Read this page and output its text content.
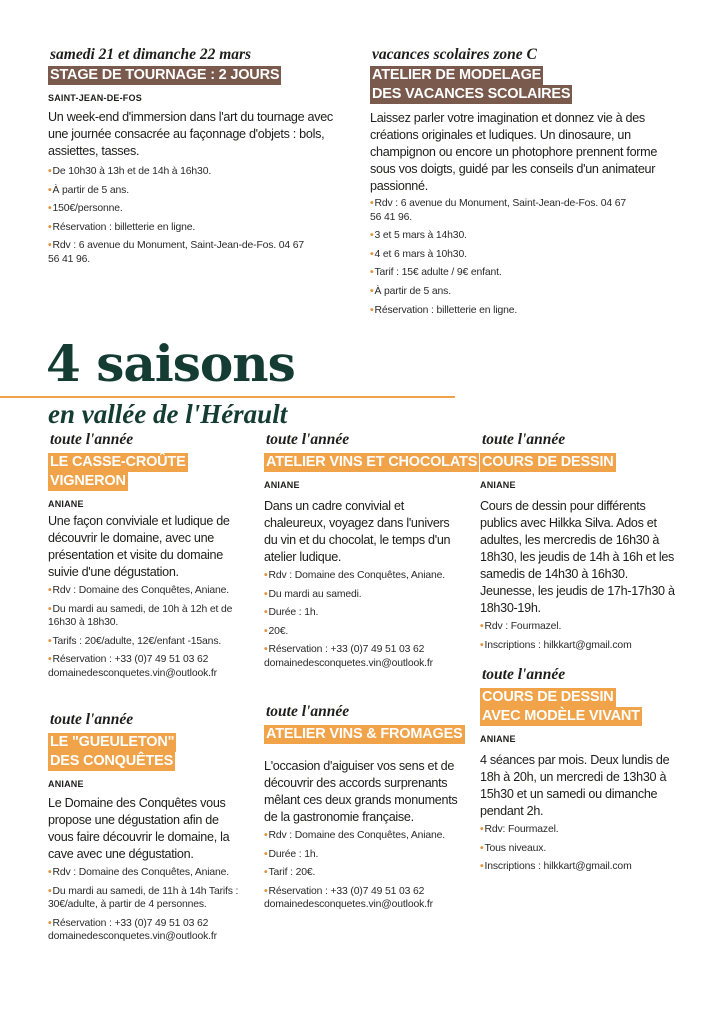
samedi 21 et dimanche 22 mars
STAGE DE TOURNAGE : 2 JOURS
SAINT-JEAN-DE-FOS
Un week-end d'immersion dans l'art du tournage avec une journée consacrée au façonnage d'objets : bols, assiettes, tasses.
•De 10h30 à 13h et de 14h à 16h30.
•À partir de 5 ans.
•150€/personne.
•Réservation : billetterie en ligne.
•Rdv : 6 avenue du Monument, Saint-Jean-de-Fos. 04 67 56 41 96.
vacances scolaires zone C
ATELIER DE MODELAGE
DES VACANCES SCOLAIRES
Laissez parler votre imagination et donnez vie à des créations originales et ludiques. Un dinosaure, un champignon ou encore un photophore prennent forme sous vos doigts, guidé par les conseils d'un animateur passionné.
•Rdv : 6 avenue du Monument, Saint-Jean-de-Fos. 04 67 56 41 96.
•3 et 5 mars à 14h30.
•4 et 6 mars à 10h30.
•Tarif : 15€ adulte / 9€ enfant.
•À partir de 5 ans.
•Réservation : billetterie en ligne.
4 saisons
en vallée de l'Hérault
toute l'année
LE CASSE-CROÛTE
VIGNERON
ANIANE
Une façon conviviale et ludique de découvrir le domaine, avec une présentation et visite du domaine suivie d'une dégustation.
•Rdv : Domaine des Conquêtes, Aniane.
•Du mardi au samedi, de 10h à 12h et de 16h30 à 18h30.
•Tarifs : 20€/adulte, 12€/enfant -15ans.
•Réservation : +33 (0)7 49 51 03 62 domainedesconquetes.vin@outlook.fr
toute l'année
LE "GUEULETON"
DES CONQUÊTES
ANIANE
Le Domaine des Conquêtes vous propose une dégustation afin de vous faire découvrir le domaine, la cave avec une dégustation.
•Rdv : Domaine des Conquêtes, Aniane.
•Du mardi au samedi, de 11h à 14h Tarifs : 30€/adulte, à partir de 4 personnes.
•Réservation : +33 (0)7 49 51 03 62 domainedesconquetes.vin@outlook.fr
toute l'année
ATELIER VINS ET CHOCOLATS
ANIANE
Dans un cadre convivial et chaleureux, voyagez dans l'univers du vin et du chocolat, le temps d'un atelier ludique.
•Rdv : Domaine des Conquêtes, Aniane.
•Du mardi au samedi.
•Durée : 1h.
•20€.
•Réservation : +33 (0)7 49 51 03 62 domainedesconquetes.vin@outlook.fr
toute l'année
ATELIER VINS & FROMAGES
L'occasion d'aiguiser vos sens et de découvrir des accords surprenants mêlant ces deux grands monuments de la gastronomie française.
•Rdv : Domaine des Conquêtes, Aniane.
•Durée : 1h.
•Tarif : 20€.
•Réservation : +33 (0)7 49 51 03 62 domainedesconquetes.vin@outlook.fr
toute l'année
COURS DE DESSIN
ANIANE
Cours de dessin pour différents publics avec Hilkka Silva. Ados et adultes, les mercredis de 16h30 à 18h30, les jeudis de 14h à 16h et les samedis de 14h30 à 16h30. Jeunesse, les jeudis de 17h-17h30 à 18h30-19h.
•Rdv : Fourmazel.
•Inscriptions : hilkkart@gmail.com
toute l'année
COURS DE DESSIN
AVEC MODÈLE VIVANT
ANIANE
4 séances par mois. Deux lundis de 18h à 20h, un mercredi de 13h30 à 15h30 et un samedi ou dimanche pendant 2h.
•Rdv: Fourmazel.
•Tous niveaux.
•Inscriptions : hilkkart@gmail.com
